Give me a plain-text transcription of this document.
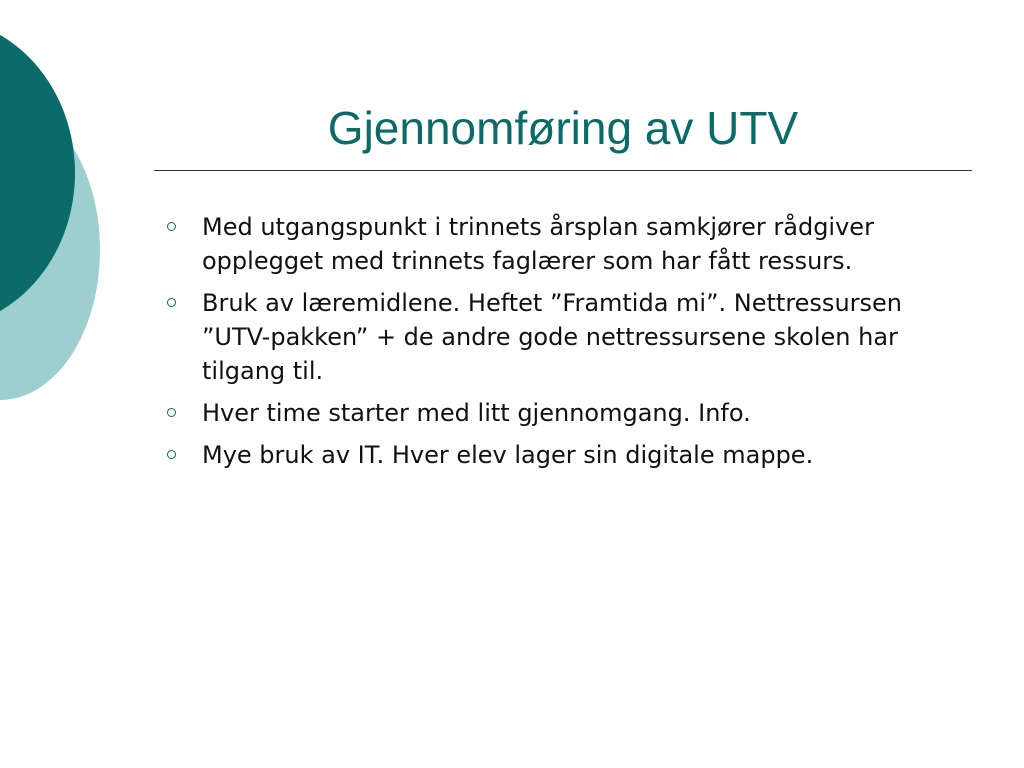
Gjennomføring av UTV
Med utgangspunkt i trinnets årsplan samkjører rådgiver opplegget med trinnets faglærer som har fått ressurs.
Bruk av læremidlene. Heftet ”Framtida mi”. Nettressursen ”UTV-pakken” + de andre gode nettressursene skolen har tilgang til.
Hver time starter med litt gjennomgang. Info.
Mye bruk av IT. Hver elev lager sin digitale mappe.
